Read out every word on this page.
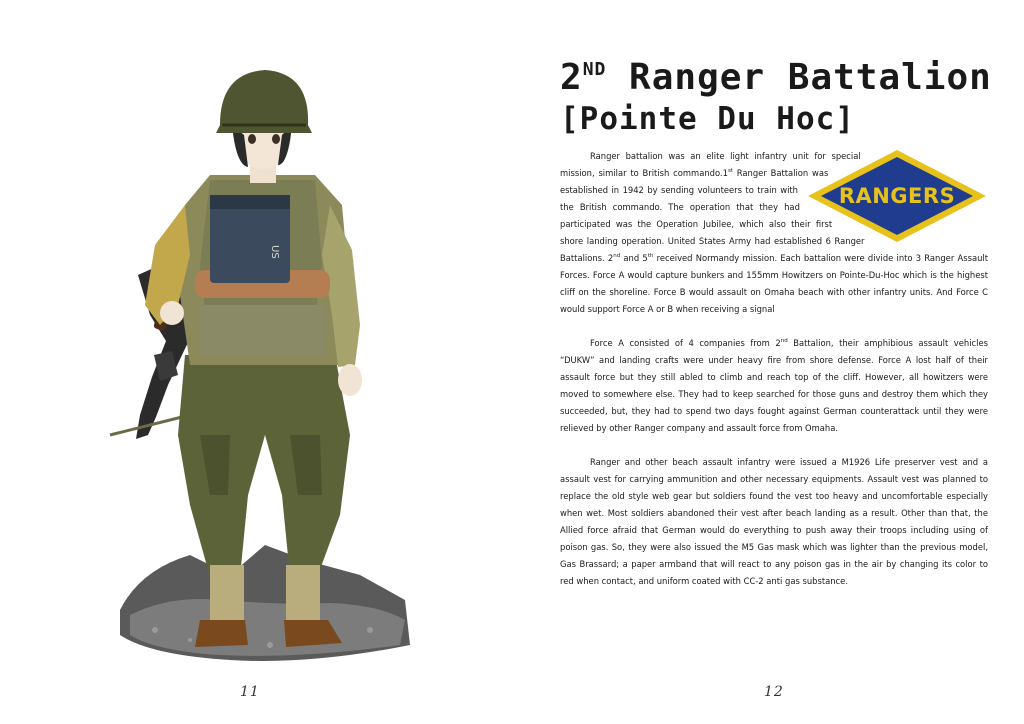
US
11
2ND Ranger Battalion
[Pointe Du Hoc]
RANGERS

Ranger battalion was an elite light infantry unit for special mission, similar to British commando.1st Ranger Battalion was established in 1942 by sending volunteers to train with the British commando. The operation that they had participated was the Operation Jubilee, which also their first shore landing operation. United States Army had established 6 Ranger Battalions. 2nd and 5th received Normandy mission. Each battalion were divide into 3 Ranger Assault Forces. Force A would capture bunkers and 155mm Howitzers on Pointe-Du-Hoc which is the highest cliff on the shoreline. Force B would assault on Omaha beach with other infantry units. And Force C would support Force A or B when receiving a signal

Force A consisted of 4 companies from 2nd Battalion, their amphibious assault vehicles “DUKW” and landing crafts were under heavy fire from shore defense. Force A lost half of their assault force but they still abled to climb and reach top of the cliff. However, all howitzers were moved to somewhere else. They had to keep searched for those guns and destroy them which they succeeded, but, they had to spend two days fought against German counterattack until they were relieved by other Ranger company and assault force from Omaha.

Ranger and other beach assault infantry were issued a M1926 Life preserver vest and a assault vest for carrying ammunition and other necessary equipments. Assault vest was planned to replace the old style web gear but soldiers found the vest too heavy and uncomfortable especially when wet. Most soldiers abandoned their vest after beach landing as a result. Other than that, the Allied force afraid that German would do everything to push away their troops including using of poison gas. So, they were also issued the M5 Gas mask which was lighter than the previous model, Gas Brassard; a paper armband that will react to any poison gas in the air by changing its color to red when contact, and uniform coated with CC-2 anti gas substance.

12
